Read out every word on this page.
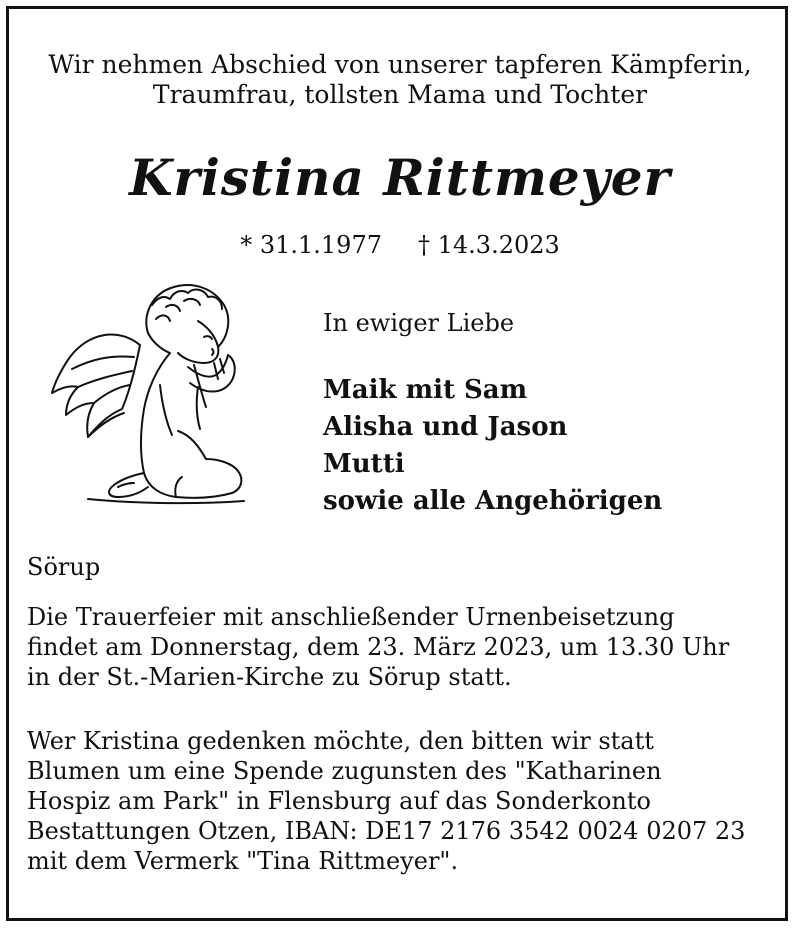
Wir nehmen Abschied von unserer tapferen Kämpferin,
Traumfrau, tollsten Mama und Tochter
Kristina Rittmeyer
* 31.1.1977 † 14.3.2023
In ewiger Liebe
Maik mit Sam
Alisha und Jason
Mutti
sowie alle Angehörigen
Sörup
Die Trauerfeier mit anschließender Urnenbeisetzung
findet am Donnerstag, dem 23. März 2023, um 13.30 Uhr
in der St.-Marien-Kirche zu Sörup statt.
Wer Kristina gedenken möchte, den bitten wir statt
Blumen um eine Spende zugunsten des "Katharinen
Hospiz am Park" in Flensburg auf das Sonderkonto
Bestattungen Otzen, IBAN: DE17 2176 3542 0024 0207 23
mit dem Vermerk "Tina Rittmeyer".
